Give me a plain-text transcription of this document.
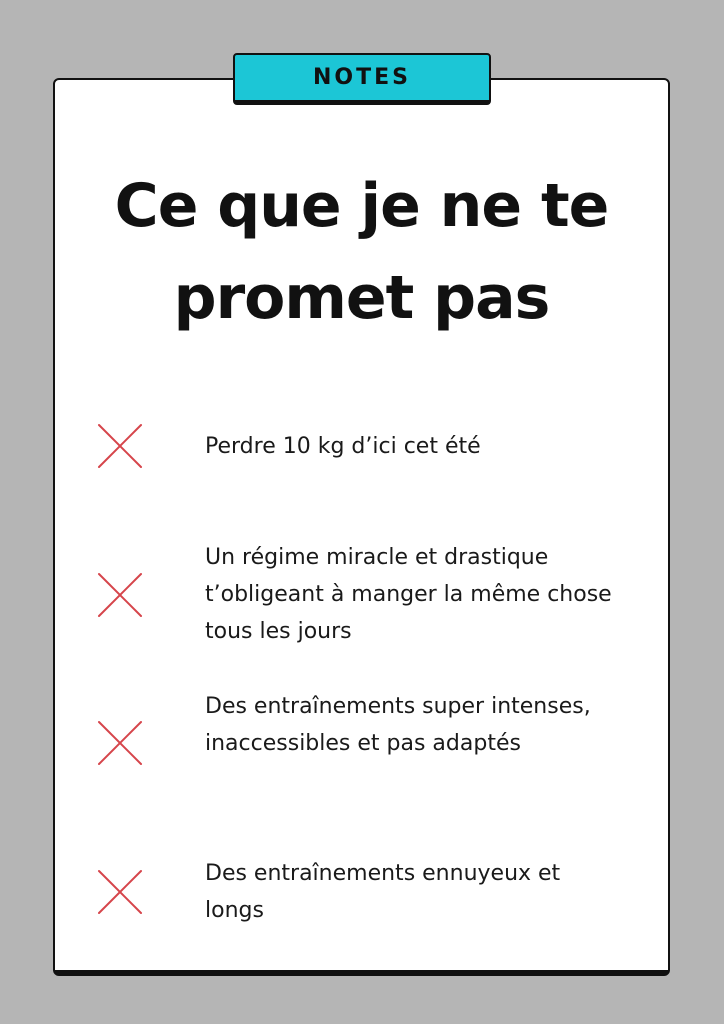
NOTES
Ce que je ne te promet pas

Perdre 10 kg d’ici cet été

Un régime miracle et drastique t’obligeant à manger la même chose tous les jours

Des entraînements super intenses, inaccessibles et pas adaptés

Des entraînements ennuyeux et longs
